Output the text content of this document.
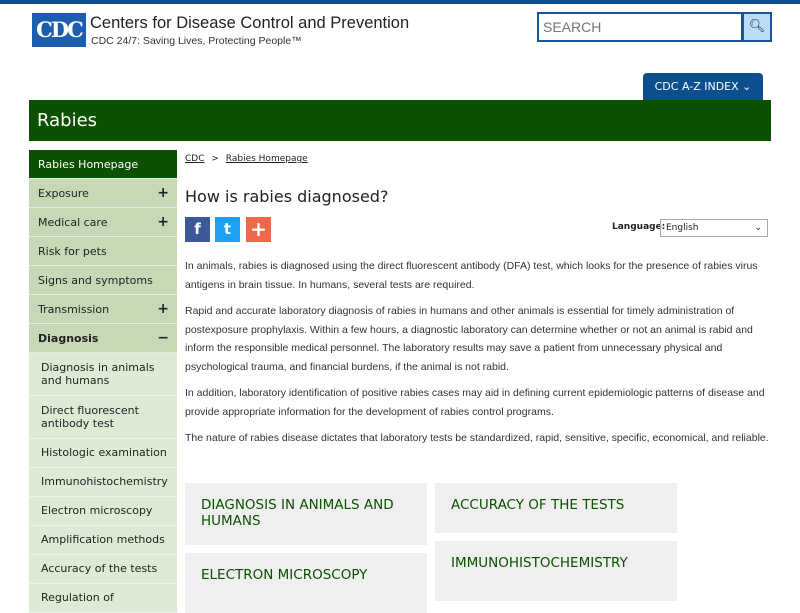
CDC Centers for Disease Control and Prevention
CDC 24/7: Saving Lives, Protecting People™
SEARCH
🔍︎
CDC A-Z INDEX ⌄
Rabies
Rabies Homepage
Exposure	+
Medical care	+
Risk for pets
Signs and symptoms
Transmission	+
Diagnosis	−
Diagnosis in animals and humans
Direct fluorescent antibody test
Histologic examination
Immunohistochemistry
Electron microscopy
Amplification methods
Accuracy of the tests
Regulation of
CDC > Rabies Homepage
How is rabies diagnosed?
f	t +	Language: English	⌄

In animals, rabies is diagnosed using the direct fluorescent antibody (DFA) test, which looks for the presence of rabies virus antigens in brain tissue. In humans, several tests are required.

Rapid and accurate laboratory diagnosis of rabies in humans and other animals is essential for timely administration of postexposure prophylaxis. Within a few hours, a diagnostic laboratory can determine whether or not an animal is rabid and inform the responsible medical personnel. The laboratory results may save a patient from unnecessary physical and psychological trauma, and financial burdens, if the animal is not rabid.

In addition, laboratory identification of positive rabies cases may aid in defining current epidemiologic patterns of disease and provide appropriate information for the development of rabies control programs.

The nature of rabies disease dictates that laboratory tests be standardized, rapid, sensitive, specific, economical, and reliable.

DIAGNOSIS IN ANIMALS AND HUMANS
ACCURACY OF THE TESTS
ELECTRON MICROSCOPY
IMMUNOHISTOCHEMISTRY
